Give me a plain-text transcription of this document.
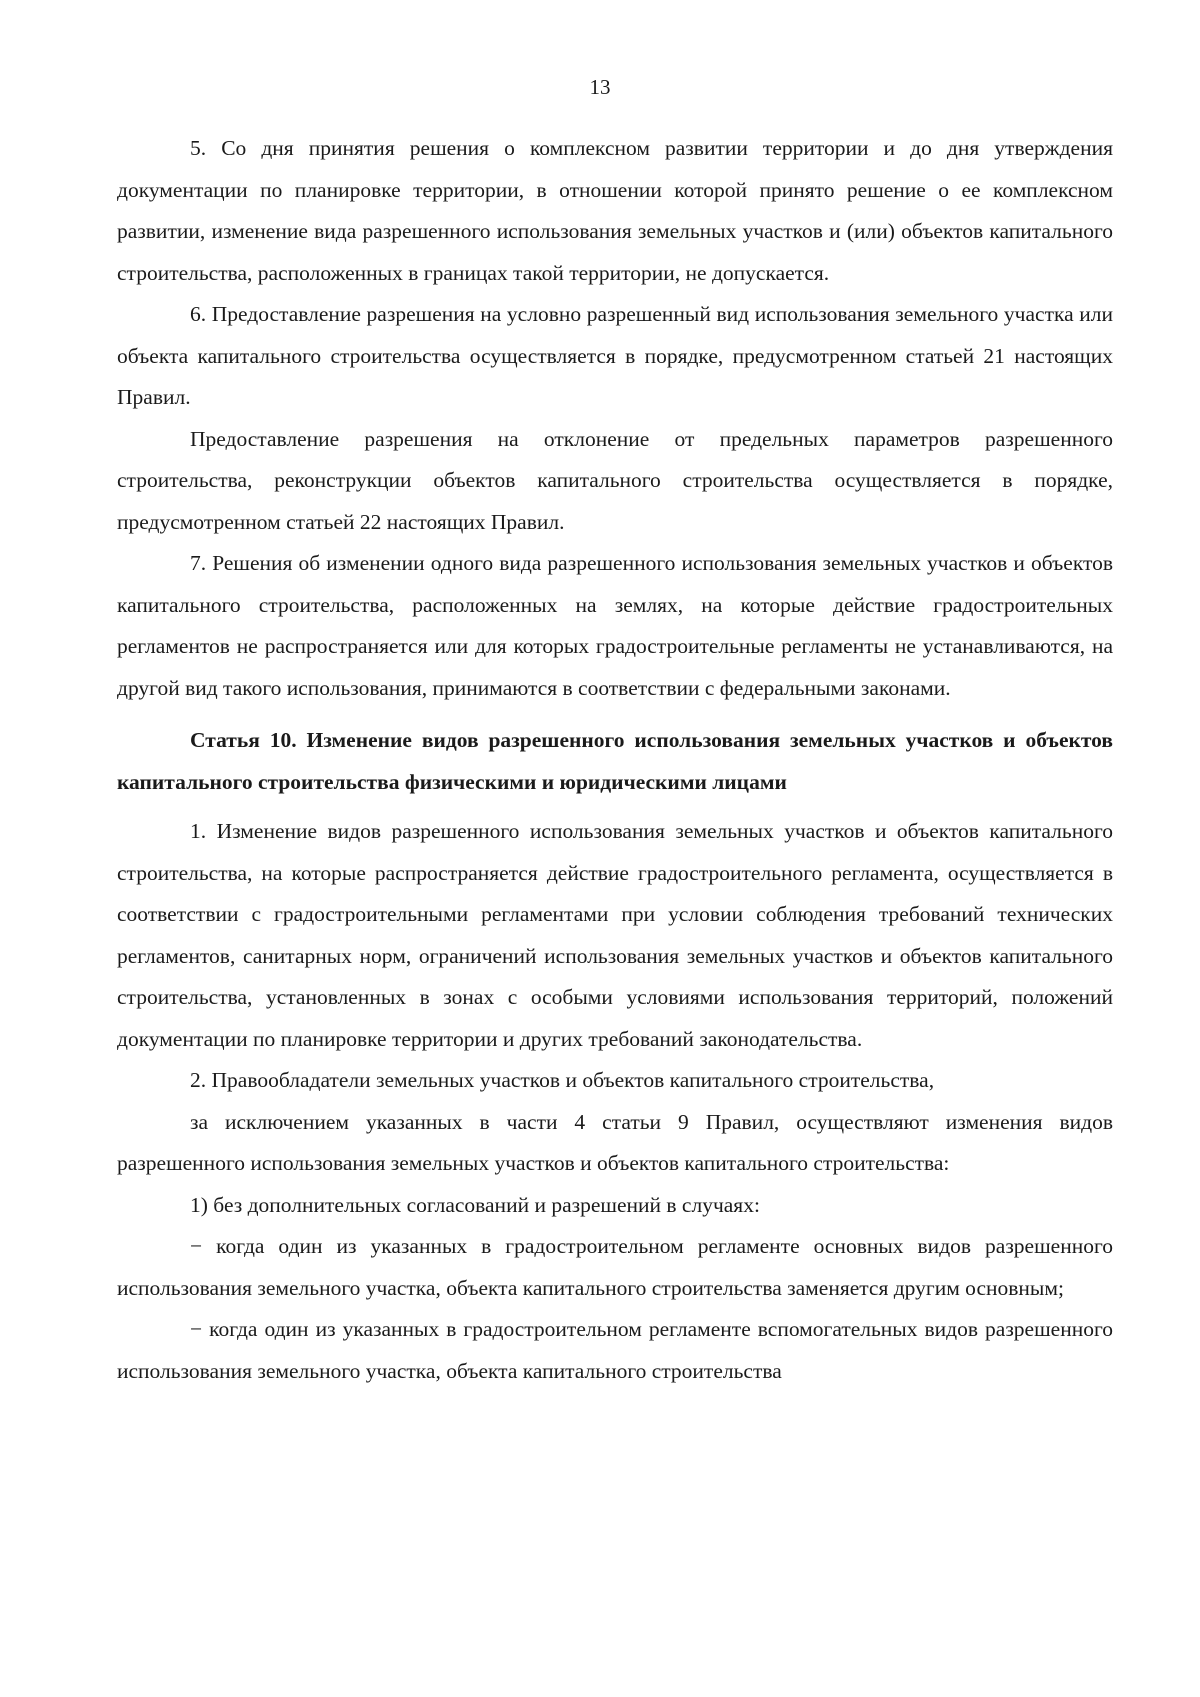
13

5. Со дня принятия решения о комплексном развитии территории и до дня утверждения документации по планировке территории, в отношении которой принято решение о ее комплексном развитии, изменение вида разрешенного использования земельных участков и (или) объектов капитального строительства, расположенных в границах такой территории, не допускается.

6. Предоставление разрешения на условно разрешенный вид использования земельного участка или объекта капитального строительства осуществляется в порядке, предусмотренном статьей 21 настоящих Правил.

Предоставление разрешения на отклонение от предельных параметров разрешенного строительства, реконструкции объектов капитального строительства осуществляется в порядке, предусмотренном статьей 22 настоящих Правил.

7. Решения об изменении одного вида разрешенного использования земельных участков и объектов капитального строительства, расположенных на землях, на которые действие градостроительных регламентов не распространяется или для которых градостроительные регламенты не устанавливаются, на другой вид такого использования, принимаются в соответствии с федеральными законами.

Статья 10. Изменение видов разрешенного использования земельных участков и объектов капитального строительства физическими и юридическими лицами

1. Изменение видов разрешенного использования земельных участков и объектов капитального строительства, на которые распространяется действие градостроительного регламента, осуществляется в соответствии с градостроительными регламентами при условии соблюдения требований технических регламентов, санитарных норм, ограничений использования земельных участков и объектов капитального строительства, установленных в зонах с особыми условиями использования территорий, положений документации по планировке территории и других требований законодательства.

2. Правообладатели земельных участков и объектов капитального строительства,

за исключением указанных в части 4 статьи 9 Правил, осуществляют изменения видов разрешенного использования земельных участков и объектов капитального строительства:

1) без дополнительных согласований и разрешений в случаях:

− когда один из указанных в градостроительном регламенте основных видов разрешенного использования земельного участка, объекта капитального строительства заменяется другим основным;

− когда один из указанных в градостроительном регламенте вспомогательных видов разрешенного использования земельного участка, объекта капитального строительства
